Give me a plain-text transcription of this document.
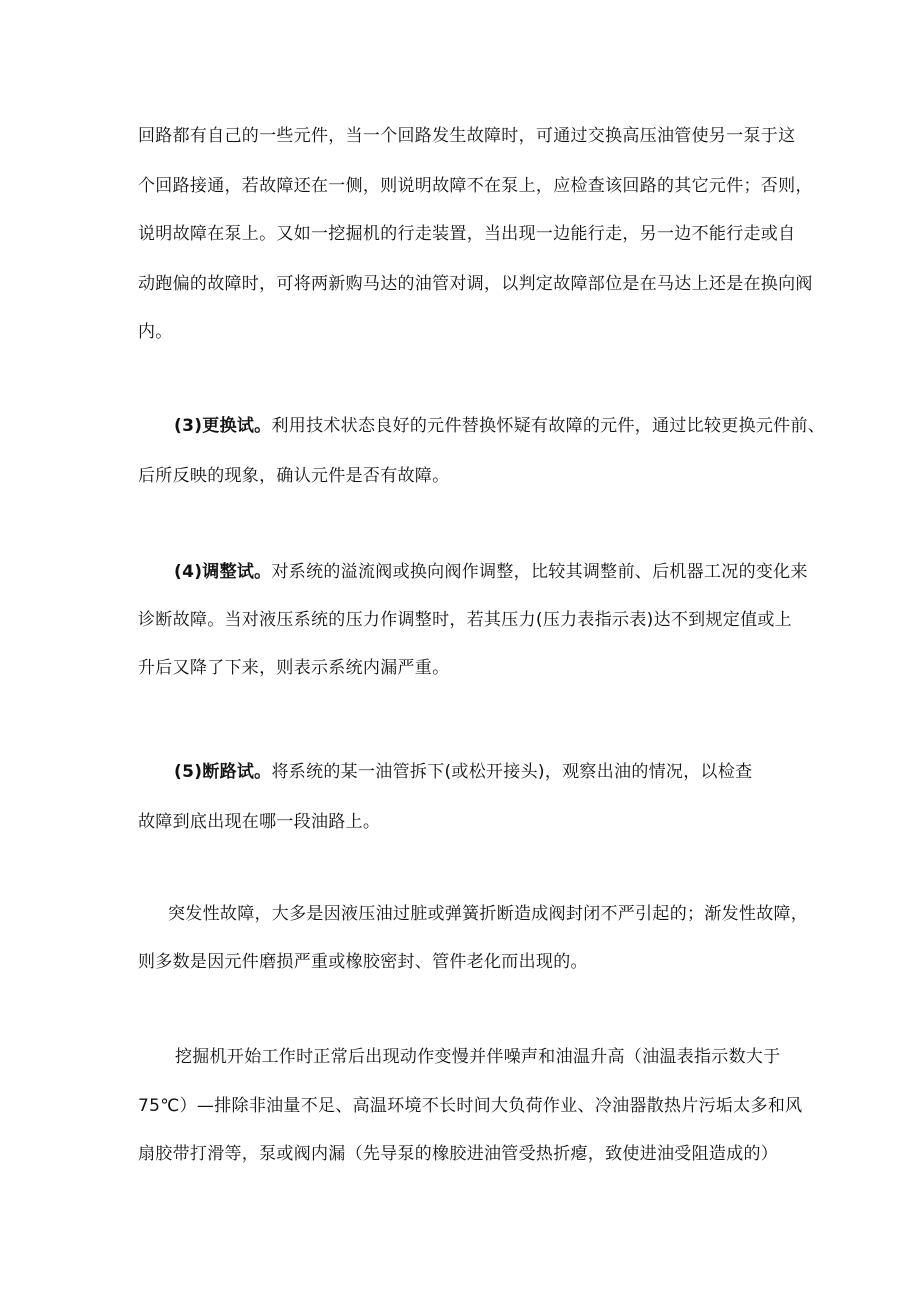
回路都有自己的一些元件，当一个回路发生故障时，可通过交换高压油管使另一泵于这
个回路接通，若故障还在一侧，则说明故障不在泵上，应检查该回路的其它元件；否则，
说明故障在泵上。又如一挖掘机的行走装置，当出现一边能行走，另一边不能行走或自
动跑偏的故障时，可将两新购马达的油管对调，以判定故障部位是在马达上还是在换向阀
内。
(3)更换试。利用技术状态良好的元件替换怀疑有故障的元件，通过比较更换元件前、
后所反映的现象，确认元件是否有故障。
(4)调整试。对系统的溢流阀或换向阀作调整，比较其调整前、后机器工况的变化来
诊断故障。当对液压系统的压力作调整时，若其压力(压力表指示表)达不到规定值或上
升后又降了下来，则表示系统内漏严重。
(5)断路试。将系统的某一油管拆下(或松开接头)，观察出油的情况，以检查
故障到底出现在哪一段油路上。
突发性故障，大多是因液压油过脏或弹簧折断造成阀封闭不严引起的；渐发性故障，
则多数是因元件磨损严重或橡胶密封、管件老化而出现的。
挖掘机开始工作时正常后出现动作变慢并伴噪声和油温升高（油温表指示数大于
75℃）—排除非油量不足、高温环境不长时间大负荷作业、冷油器散热片污垢太多和风
扇胶带打滑等，泵或阀内漏（先导泵的橡胶进油管受热折瘪，致使进油受阻造成的）
